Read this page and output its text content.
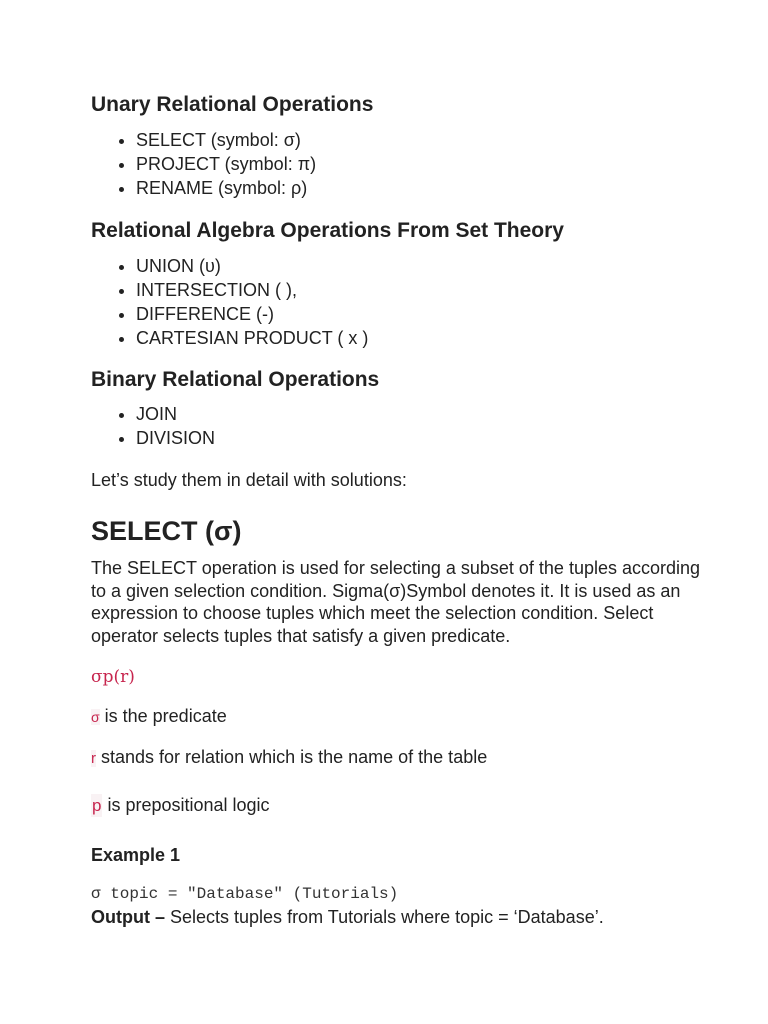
Unary Relational Operations
• SELECT (symbol: σ)
• PROJECT (symbol: π)
• RENAME (symbol: ρ)
Relational Algebra Operations From Set Theory
• UNION (υ)
• INTERSECTION ( ),
• DIFFERENCE (-)
• CARTESIAN PRODUCT ( x )
Binary Relational Operations
• JOIN
• DIVISION

Let’s study them in detail with solutions:

SELECT (σ)

The SELECT operation is used for selecting a subset of the tuples according to a given selection condition. Sigma(σ)Symbol denotes it. It is used as an expression to choose tuples which meet the selection condition. Select operator selects tuples that satisfy a given predicate.

σp(r)
σ is the predicate
r stands for relation which is the name of the table
p is prepositional logic
Example 1
σ topic = "Database" (Tutorials)
Output – Selects tuples from Tutorials where topic = ‘Database’.
